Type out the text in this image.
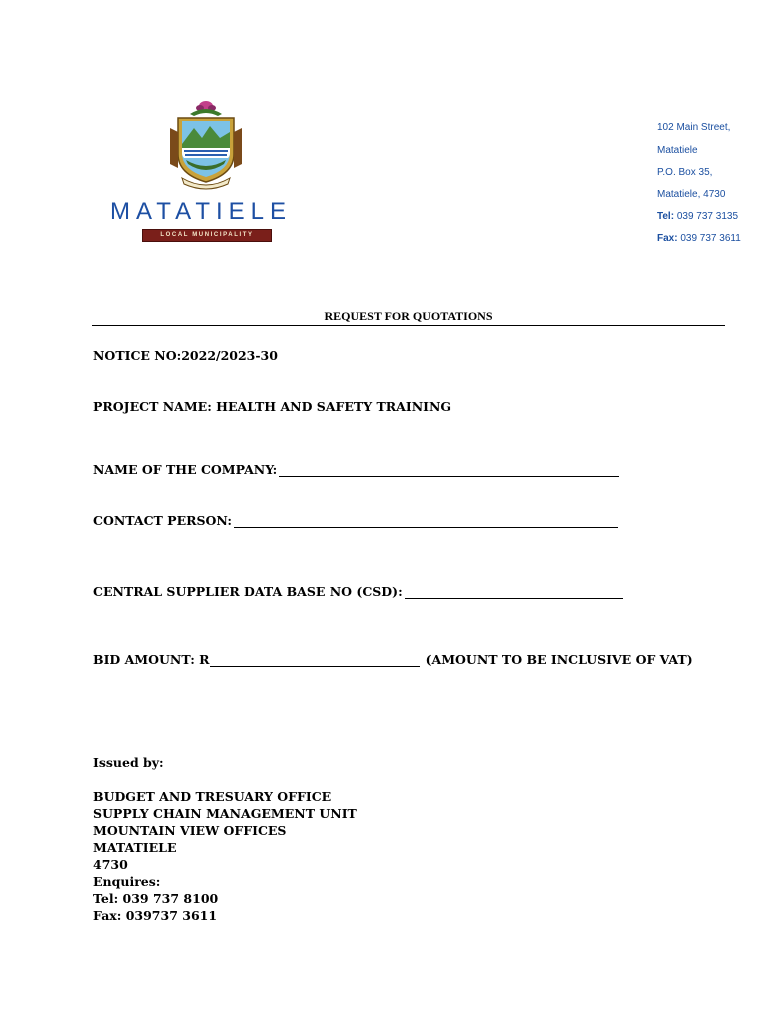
MATATIELE
LOCAL MUNICIPALITY
102 Main Street,
Matatiele
P.O. Box 35,
Matatiele, 4730
Tel: 039 737 3135
Fax: 039 737 3611
REQUEST FOR QUOTATIONS
NOTICE NO:2022/2023-30
PROJECT NAME: HEALTH AND SAFETY TRAINING
NAME OF THE COMPANY:
CONTACT PERSON:
CENTRAL SUPPLIER DATA BASE NO (CSD):
BID AMOUNT: R	(AMOUNT TO BE INCLUSIVE OF VAT)
Issued by:
BUDGET AND TRESUARY OFFICE
SUPPLY CHAIN MANAGEMENT UNIT
MOUNTAIN VIEW OFFICES
MATATIELE
4730
Enquires:
Tel: 039 737 8100
Fax: 039737 3611
